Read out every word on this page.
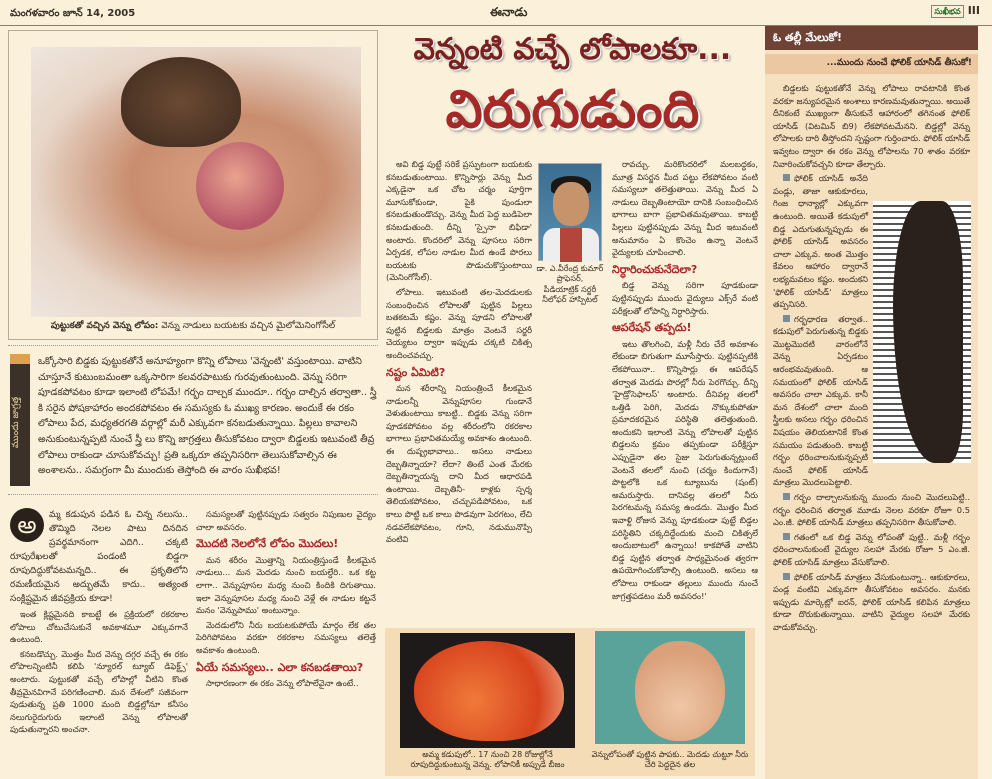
మంగళవారం జూన్ 14, 2005	ఈనాడు	సుఖీభవ III
పుట్టుకతో వచ్చిన వెన్ను లోపం: వెన్ను నాడులు బయటకు వచ్చిన మైలోమెనింగోసీల్
ముందు జాగ్రత్త

ఒక్కోసారి బిడ్డకు పుట్టుకతోనే అనూహ్యంగా కొన్ని లోపాలు 'వెన్నంటి' వస్తుంటాయి. వాటిని చూస్తూనే కుటుంబమంతా ఒక్కసారిగా కలవరపాటుకు గురవుతుంటుంది. వెన్ను సరిగా పూడకపోవటం కూడా ఇలాంటి లోపమే! గర్భం దాల్చక ముందూ.. గర్భం దాల్చిన తర్వాతా.. స్త్రీ కి సరైన పోషకాహారం అందకపోవటం ఈ సమస్యకు ఓ ముఖ్య కారణం. అందుకే ఈ రకం లోపాలు పేద, మధ్యతరగతి వర్గాల్లో మరీ ఎక్కువగా కనబడుతున్నాయి. పిల్లలు కావాలని అనుకుంటున్నప్పటి నుంచే స్త్రీ లు కొన్ని జాగ్రత్తలు తీసుకోవటం ద్వారా బిడ్డలకు ఇటువంటి తీవ్ర లోపాలు రాకుండా చూసుకోవచ్చు! ప్రతి ఒక్కరూ తప్పనిసరిగా తెలుసుకోవాల్సిన ఈ అంశాలను.. సమగ్రంగా మీ ముందుకు తెస్తోంది ఈ వారం సుఖీభవ!

అ	మ్మ కడుపున పడిన ఓ చిన్న నలుసు.. తొమ్మిది నెలల పాటు దినదిన ప్రవర్థమానంగా ఎదిగి.. చక్కటి రూపురేఖలతో పండంటి బిడ్డగా రూపుదిద్దుకోవటమన్నది.. ఈ ప్రకృతిలోని రమణీయమైన అద్భుతమే కాదు.. అత్యంత సంక్లిష్టమైన జీవప్రక్రియ కూడా!

ఇంత క్లిష్టమైనది కాబట్టే ఈ ప్రక్రియలో రకరకాల లోపాలు చోటుచేసుకునే అవకాశమూ ఎక్కువగానే ఉంటుంది.

కనబడొచ్చు. మొత్తం మీద వెన్ను దగ్గర వచ్చే ఈ రకం లోపాలన్నింటినీ కలిపి 'న్యూరల్ ట్యూబ్ డిఫెక్ట్స్' అంటారు. పుట్టుకతో వచ్చే లోపాల్లో వీటిని కొంత తీవ్రమైనవిగానే పరిగణించాలి. మన దేశంలో సజీవంగా పుడుతున్న ప్రతి 1000 మంది బిడ్డల్లోనూ కనీసం నలుగురైదుగురు ఇలాంటి వెన్ను లోపాలతో పుడుతున్నారని అంచనా.

సమస్యలతో పుట్టినప్పుడు సత్వరం నిపుణుల వైద్యం చాలా అవసరం.

మొదటి నెలలోనే లోపం మొదలు!

మన శరీరం మొత్తాన్ని నియంత్రిస్తుండే కీలకమైన నాడులు... మన మెదడు నుంచి బయల్దేరి.. ఒక కట్ట లాగా.. వెన్నుపూసల మధ్య నుంచి కిందికి దిగుతాయి. ఇలా వెన్నుపూసల మధ్య నుంచి వెళ్లే ఈ నాడుల కట్టనే మనం 'వెన్నుపాము' అంటున్నాం.

మెదడులోని నీరు బయటకుపోయే మార్గం లేక తల పెరిగిపోవటం వరకూ రకరకాల సమస్యలు తలెత్తే అవకాశం ఉంటుంది.

ఏయే సమస్యలు.. ఎలా కనబడతాయి?

సాధారణంగా ఈ రకం వెన్ను లోపాలేవైనా ఉంటే..

వెన్నంటి వచ్చే లోపాలకూ...
విరుగుడుంది

అవి బిడ్డ పుట్టే సరికే ప్రస్ఫుటంగా బయటకు కనబడుతుంటాయి. కొన్నిసార్లు వెన్ను మీద ఎక్కడైనా ఒక చోట చర్మం పూర్తిగా మూసుకోకుండా, పైకి పుండులా కనబడుతుండొచ్చు. వెన్ను మీద పెద్ద బుడిపెలా కనబడుతుంది. దీన్ని 'స్పైనా బిఫిడా' అంటారు. కొందరిలో వెన్ను పూసలు సరిగా ఏర్పడక, లోపల నాడుల మీద ఉండే పొరలు బయటకు పొడుచుకొస్తుంటాయి (మెనింగోసీల్).

లోపాలు. ఇటువంటి తల-మెదడులకు సంబంధించిన లోపాలతో పుట్టిన పిల్లలు బతకటమే కష్టం. వెన్ను పూడని లోపాలతో పుట్టిన బిడ్డలకు మాత్రం వెంటనే సర్జరీ చెయ్యటం ద్వారా ఇప్పుడు చక్కటి చికిత్స అందించవచ్చు.

నష్టం ఏమిటి?

మన శరీరాన్ని నియంత్రించే కీలకమైన నాడులన్నీ వెన్నుపూసల గుండానే వెళుతుంటాయి కాబట్టి.. బిడ్డకు వెన్ను సరిగా పూడకపోవటం వల్ల శరీరంలోని రకరకాల భాగాలు ప్రభావితమయ్యే అవకాశం ఉంటుంది. ఈ దుష్ప్రభావాలు.. అసలు నాడులు దెబ్బతిన్నాయా? లేదా? తింటే ఎంత మేరకు దెబ్బతిన్నాయన్న దాని మీద ఆధారపడి ఉంటాయి. దెబ్బతినీ- కాళ్లకు స్పర్శ తెలియకపోవటం, చచ్చుపడిపోవటం, ఒక కాలు పొట్టి ఒక కాలు పొడవుగా పెరగటం, లేచి నడవలేకపోవటం, గూని, నడుమునొప్పి వంటివి

డా. ఎ.వీరేంద్ర కుమార్
ప్రొఫెసర్,
పీడియాట్రిక్ సర్జరీ
నీలోఫర్ హాస్పిటల్

రావచ్చు. మరికొందరిలో మలబద్ధకం, మూత్ర విసర్జన మీద పట్టు లేకపోవటం వంటి సమస్యలూ తలెత్తుతాయి. వెన్ను మీద ఏ నాడులు దెబ్బతింటాయో దానికి సంబంధించిన భాగాలు బాగా ప్రభావితమవుతాయి. కాబట్టి పిల్లలు పుట్టినప్పుడు వెన్ను మీద ఇటువంటి అనుమానం ఏ కొంచెం ఉన్నా వెంటనే వైద్యులకు చూపించాలి.

నిర్ధారించుకునేదెలా?

బిడ్డ వెన్ను సరిగా పూడకుండా పుట్టినప్పుడు ముందు వైద్యులు ఎక్స్‌రే వంటి పరీక్షలతో లోపాన్ని నిర్ధారిస్తారు.

ఆపరేషన్ తప్పదు!

ఇటు తొలగించి, మళ్లీ నీరు చేరే అవకాశం లేకుండా బిగుతుగా మూసేస్తారు. పుట్టినప్పటికి లేకపోయినా.. కొన్నిసార్లు ఈ ఆపరేషన్ తర్వాత మెదడు పొరల్లో నీరు పెరగొచ్చు. దీన్ని 'హైడ్రోసెఫాలస్' అంటారు. దీనివల్ల తలలో ఒత్తిడి పెరిగి, మెదడు నొక్కుకుపోతూ ప్రమాదకరమైన పరిస్థితి తలెత్తుతుంది. అందుకని ఇలాంటి వెన్ను లోపాలతో పుట్టిన బిడ్డలను క్రమం తప్పకుండా పరీక్షిస్తూ ఎప్పుడైనా తల సైజు పెరుగుతున్నట్లుంటే వెంటనే తలలో నుంచి (చర్మం కిందుగానే) పొట్టలోకి ఒక ట్యూబును (షంట్) అమరుస్తారు. దానివల్ల తలలో నీరు పెరగటమన్న సమస్య ఉండదు. మొత్తం మీద ఇవాళ్టి రోజున వెన్ను పూడకుండా పుట్టే బిడ్డల పరిస్థితిని చక్కదిద్దేందుకు మంచి చికిత్సలే అందుబాటులో ఉన్నాయి! కాకపోతే వాటిని బిడ్డ పుట్టిన తర్వాత సాధ్యమైనంత త్వరగా ఉపయోగించుకోవాల్సి ఉంటుంది. అసలు ఆ లోపాలు రాకుండా తల్లులు ముందు నుంచే జాగ్రత్తపడటం మరీ అవసరం!'

అమ్మ కడుపులో.. 17 నుంచి 28 రోజుల్లోనే రూపుదిద్దుకుంటున్న వెన్ను. లోపానికీ అప్పుడే బీజం
వెన్నులోపంతో పుట్టిన పాపకు.. మెదడు చుట్టూ నీరు చేరి పెద్దదైన తల
ఓ తల్లీ మేలుకో!
...ముందు నుంచే ఫోలిక్ యాసిడ్ తీసుకో!

బిడ్డలకు పుట్టుకతోనే వెన్ను లోపాలు రావటానికి కొంత వరకూ జన్యుపరమైన అంశాలు కారణమవుతున్నాయి. అయితే దీనికంటే ముఖ్యంగా తీసుకునే ఆహారంలో తగినంత ఫోలిక్ యాసిడ్ (విటమిన్ బి9) లేకపోవటమేనని. బిడ్డల్లో వెన్ను లోపాలకు దారి తీస్తోందని స్పష్టంగా గుర్తించారు. ఫోలిక్ యాసిడ్ ఇవ్వటం ద్వారా ఈ రకం వెన్ను లోపాలను 70 శాతం వరకూ నివారించుకోవచ్చని కూడా తేల్చారు.

ఫోలిక్ యాసిడ్ అనేది పండ్లు, తాజా ఆకుకూరలు, గింజ ధాన్యాల్లో ఎక్కువగా ఉంటుంది. అయితే కడుపులో బిడ్డ ఎదుగుతున్నప్పుడు ఈ ఫోలిక్ యాసిడ్ అవసరం చాలా ఎక్కువ. అంత మొత్తం కేవలం ఆహారం ద్వారానే లభ్యమవటం కష్టం. అందుకని 'ఫోలిక్ యాసిడ్' మాత్రలు తప్పనిసరి.

గర్భధారణ తర్వాత.. కడుపులో పెరుగుతున్న బిడ్డకు మొట్టమొదటి వారంలోనే వెన్ను ఏర్పడటం ఆరంభమవుతుంది. ఆ సమయంలో ఫోలిక్ యాసిడ్ అవసరం చాలా ఎక్కువ. కానీ మన దేశంలో చాలా మంది స్త్రీలకు అసలు గర్భం ధరించిన విషయం తెలియటానికే కొంత సమయం పడుతుంది. కాబట్టి గర్భం ధరించాలనుకున్నప్పటి నుంచే ఫోలిక్ యాసిడ్ మాత్రలు మొదలుపెట్టాలి.

గర్భం దాల్చాలనుకున్న ముందు నుంచి మొదలుపెట్టి.. గర్భం ధరించిన తర్వాత మూడు నెలల వరకూ రోజూ 0.5 ఎం.జీ. ఫోలిక్ యాసిడ్ మాత్రలు తప్పనిసరిగా తీసుకోవాలి.

గతంలో ఒక బిడ్డ వెన్ను లోపంతో పుట్టి.. మళ్లీ గర్భం ధరించాలనుకుంటే వైద్యుల సలహా మేరకు రోజూ 5 ఎం.జీ. ఫోలిక్ యాసిడ్ మాత్రలు వేసుకోవాలి.

ఫోలిక్ యాసిడ్ మాత్రలు వేసుకుంటున్నా.. ఆకుకూరలు, పండ్ల వంటివి ఎక్కువగా తీసుకోవటం అవసరం. మనకు ఇప్పుడు మార్కెట్లో ఐరన్, ఫోలిక్ యాసిడ్ కలిపిన మాత్రలు కూడా దొరుకుతున్నాయి. వాటిని వైద్యుల సలహా మేరకు వాడుకోవచ్చు.
